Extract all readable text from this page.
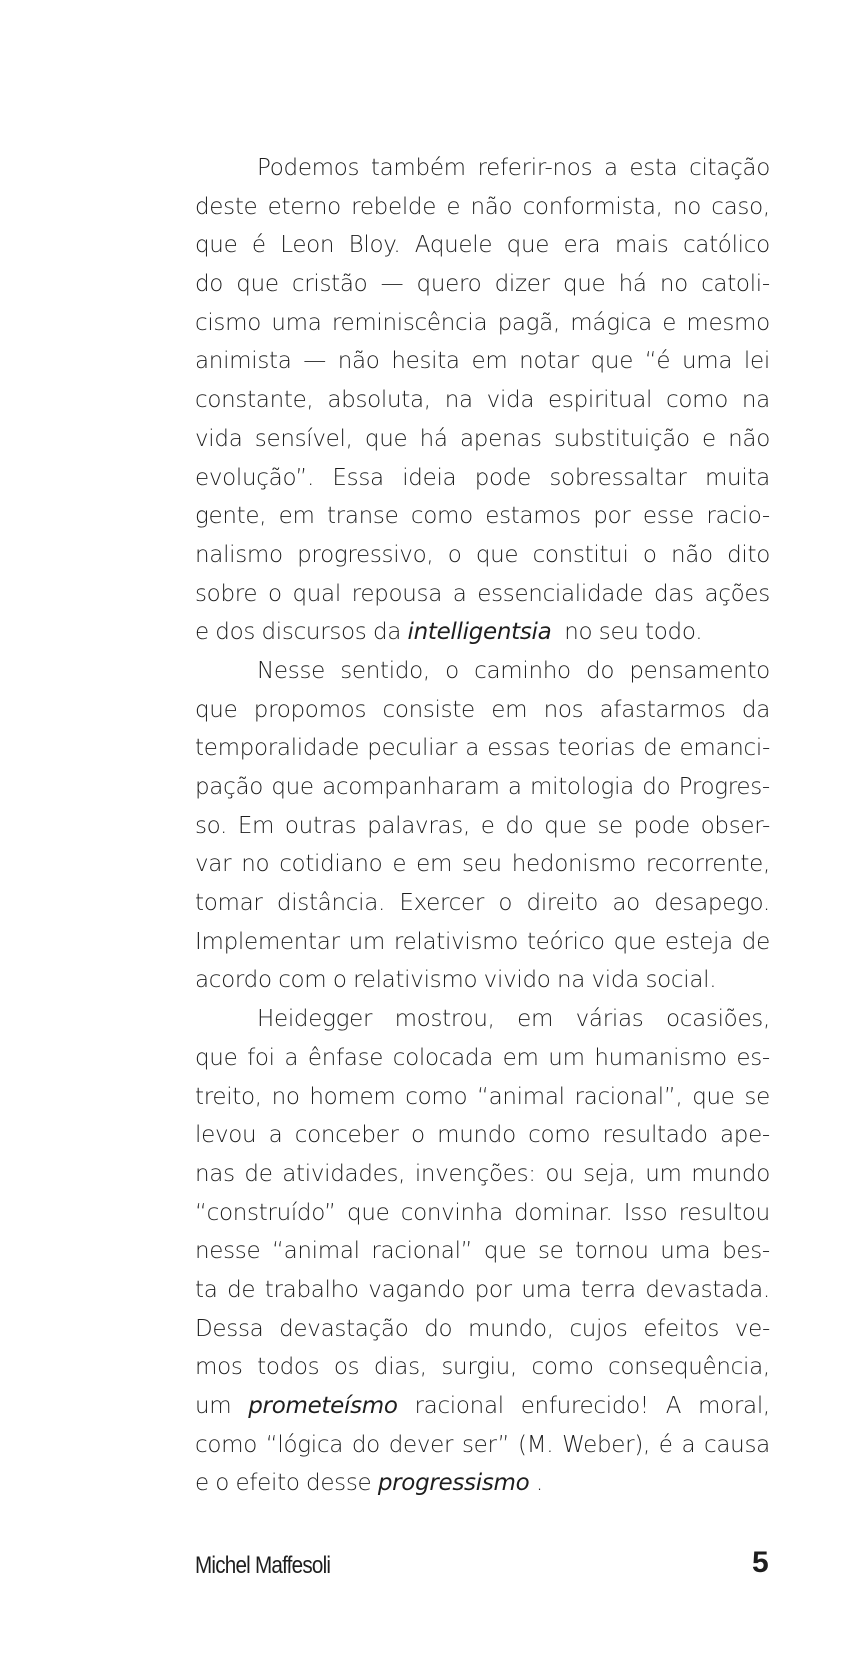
Podemos também referir-nos a esta citação
deste eterno rebelde e não conformista, no caso,
que é Leon Bloy. Aquele que era mais católico
do que cristão — quero dizer que há no catoli-
cismo uma reminiscência pagã, mágica e mesmo
animista — não hesita em notar que “é uma lei
constante, absoluta, na vida espiritual como na
vida sensível, que há apenas substituição e não
evolução”. Essa ideia pode sobressaltar muita
gente, em transe como estamos por esse racio-
nalismo progressivo, o que constitui o não dito
sobre o qual repousa a essencialidade das ações
e dos discursos da intelligentsia no seu todo.
Nesse sentido, o caminho do pensamento
que propomos consiste em nos afastarmos da
temporalidade peculiar a essas teorias de emanci-
pação que acompanharam a mitologia do Progres-
so. Em outras palavras, e do que se pode obser-
var no cotidiano e em seu hedonismo recorrente,
tomar distância. Exercer o direito ao desapego.
Implementar um relativismo teórico que esteja de
acordo com o relativismo vivido na vida social.
Heidegger mostrou, em várias ocasiões,
que foi a ênfase colocada em um humanismo es-
treito, no homem como “animal racional”, que se
levou a conceber o mundo como resultado ape-
nas de atividades, invenções: ou seja, um mundo
“construído” que convinha dominar. Isso resultou
nesse “animal racional” que se tornou uma bes-
ta de trabalho vagando por uma terra devastada.
Dessa devastação do mundo, cujos efeitos ve-
mos todos os dias, surgiu, como consequência,
um prometeísmo racional enfurecido! A moral,
como “lógica do dever ser” (M. Weber), é a causa
e o efeito desse progressismo .
Michel Maffesoli	5
